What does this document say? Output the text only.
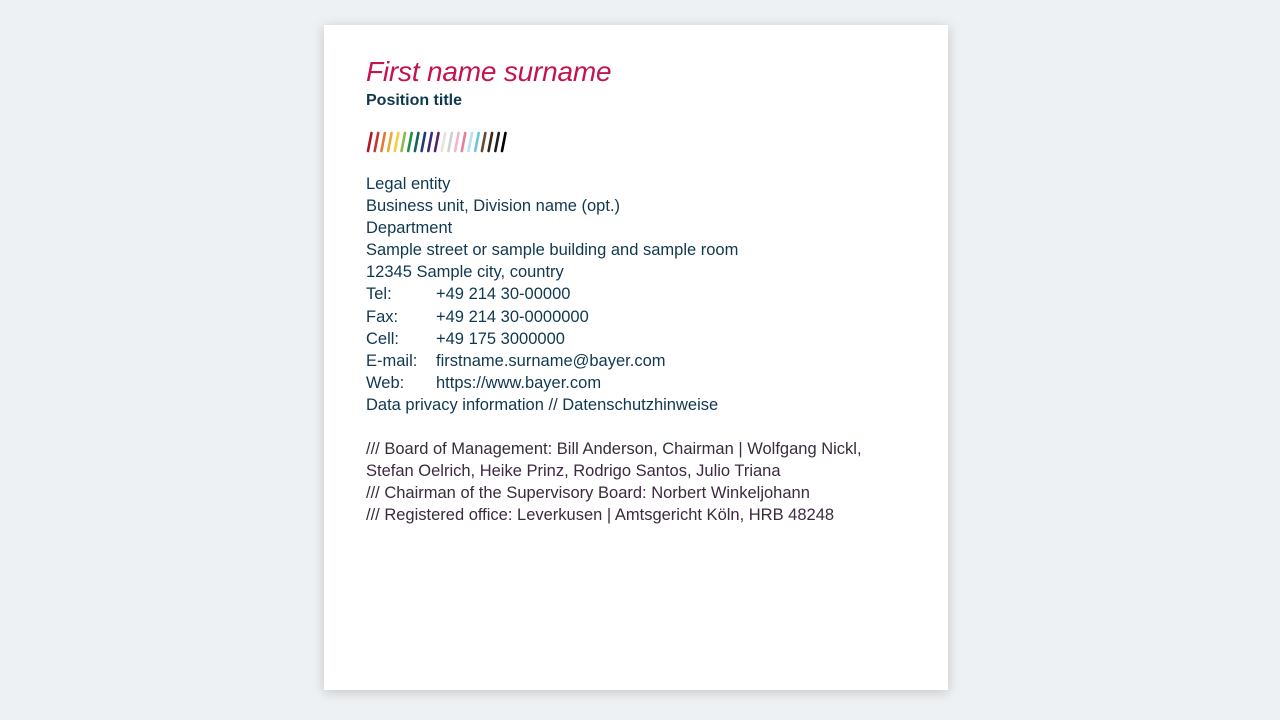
First name surname
Position title
Legal entity
Business unit, Division name (opt.)
Department
Sample street or sample building and sample room
12345 Sample city, country
Tel:	+49 214 30-00000
Fax:	+49 214 30-0000000
Cell:	+49 175 3000000
E-mail:	firstname.surname@bayer.com
Web:	https://www.bayer.com
Data privacy information // Datenschutzhinweise
/// Board of Management: Bill Anderson, Chairman | Wolfgang Nickl,
Stefan Oelrich, Heike Prinz, Rodrigo Santos, Julio Triana
/// Chairman of the Supervisory Board: Norbert Winkeljohann
/// Registered office: Leverkusen | Amtsgericht Köln, HRB 48248
